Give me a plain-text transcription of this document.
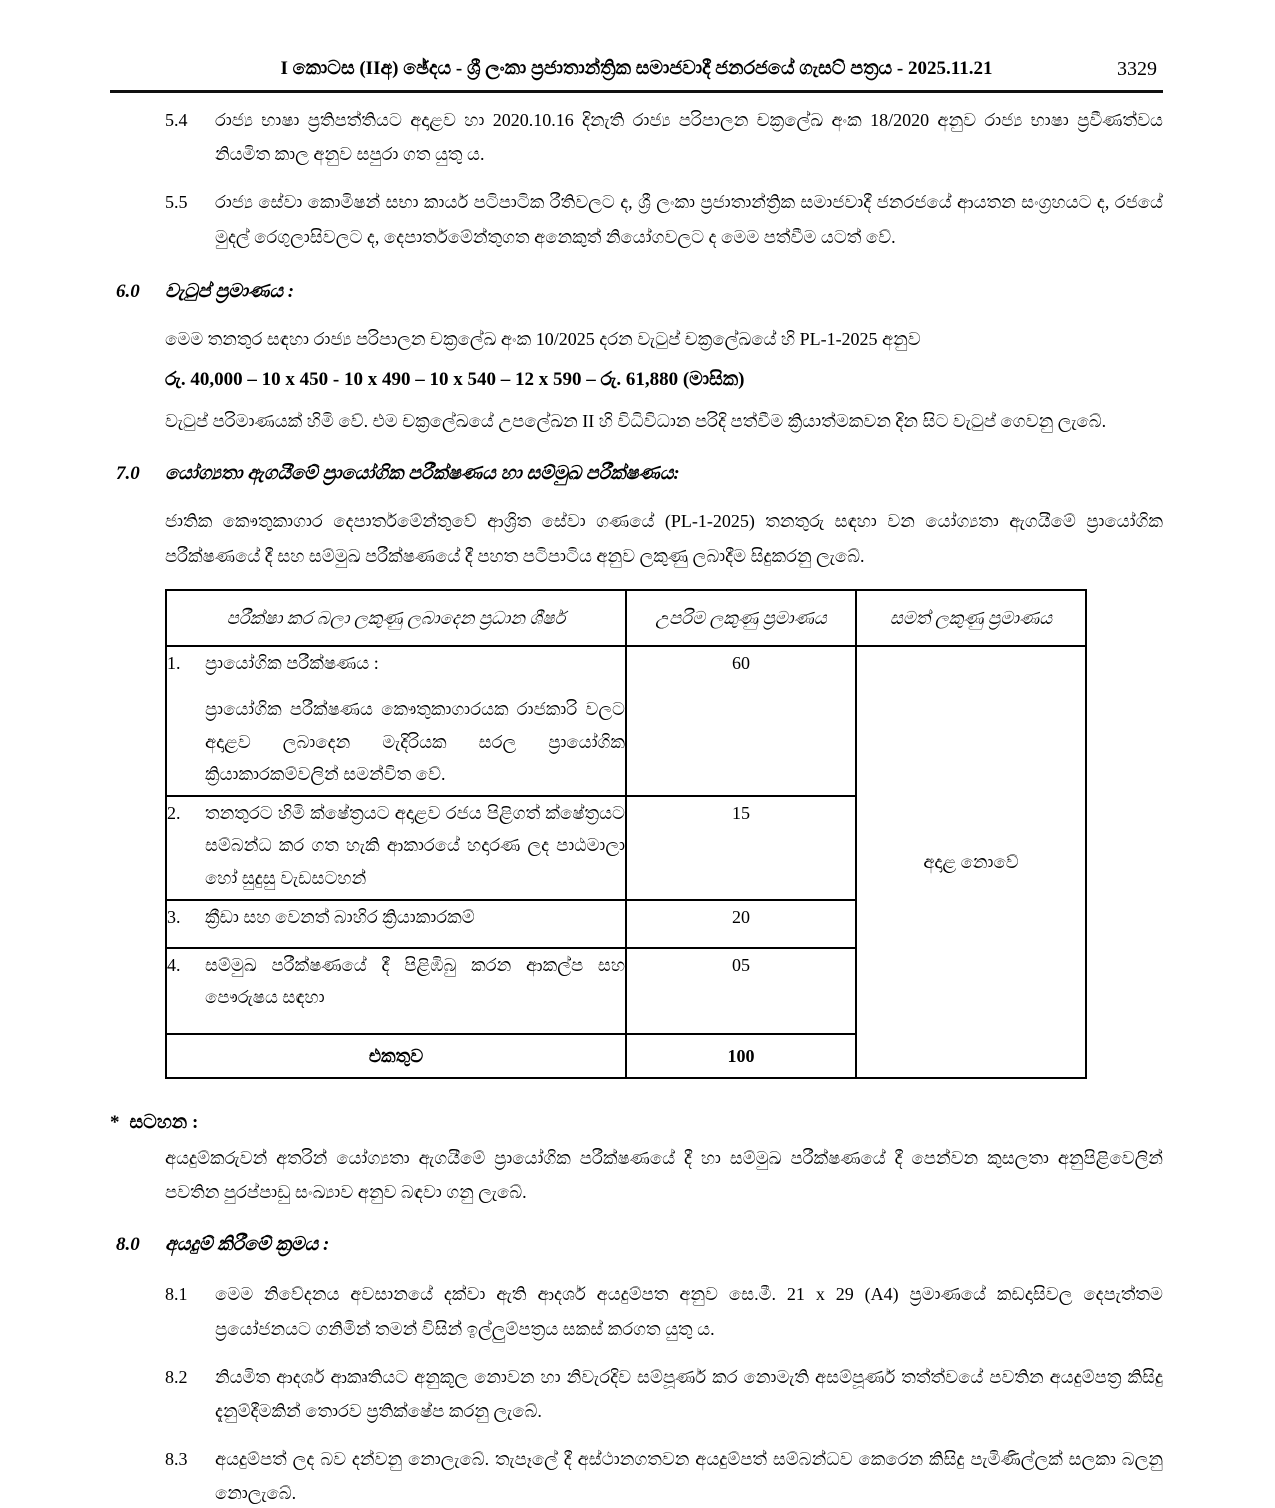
I කොටස (IIඅ) ඡේදය - ශ්‍රී ලංකා ප්‍රජාතාන්ත්‍රික සමාජවාදී ජනරජයේ ගැසට් පත්‍රය - 2025.11.21	3329
5.4	රාජ්‍ය භාෂා ප්‍රතිපත්තියට අදාළව හා 2020.10.16 දිනැති රාජ්‍ය පරිපාලන චක්‍රලේඛ අංක 18/2020 අනුව රාජ්‍ය භාෂා ප්‍රවීණත්වය නියමිත කාල අනුව සපුරා ගත යුතු ය.

5.5	රාජ්‍ය සේවා කොමිෂන් සභා කාර්ය පටිපාටික රීතිවලට ද, ශ්‍රී ලංකා ප්‍රජාතාන්ත්‍රික සමාජවාදී ජනරජයේ ආයතන සංග්‍රහයට ද, රජයේ මුදල් රෙගුලාසිවලට ද, දෙපාර්තමේන්තුගත අනෙකුත් නියෝගවලට ද මෙම පත්වීම යටත් වේ.

6.0	වැටුප් ප්‍රමාණය :

මෙම තනතුර සඳහා රාජ්‍ය පරිපාලන චක්‍රලේඛ අංක 10/2025 දරන වැටුප් චක්‍රලේඛයේ හි PL-1-2025 අනුව

රු. 40,000 – 10 x 450 - 10 x 490 – 10 x 540 – 12 x 590 – රු. 61,880 (මාසික)

වැටුප් පරිමාණයක් හිමි වේ. එම චක්‍රලේඛයේ උපලේඛන II හි විධිවිධාන පරිදි පත්වීම ක්‍රියාත්මකවන දින සිට වැටුප් ගෙවනු ලැබේ.

7.0	යෝග්‍යතා ඇගයීමේ ප්‍රායෝගික පරීක්ෂණය හා සම්මුඛ පරීක්ෂණය:

ජාතික කෞතුකාගාර දෙපාර්තමේන්තුවේ ආශ්‍රිත සේවා ගණයේ (PL-1-2025) තනතුරු සඳහා වන යෝග්‍යතා ඇගයීමේ ප්‍රායෝගික පරීක්ෂණයේ දී සහ සම්මුඛ පරීක්ෂණයේ දී පහත පටිපාටිය අනුව ලකුණු ලබාදීම සිදුකරනු ලැබේ.

පරීක්ෂා කර බලා ලකුණු ලබාදෙන ප්‍රධාන ශීර්ෂ	උපරිම ලකුණු ප්‍රමාණය	සමත් ලකුණු ප්‍රමාණය

1. ප්‍රායෝගික පරීක්ෂණය :

ප්‍රායෝගික පරීක්ෂණය කෞතුකාගාරයක රාජකාරි වලට අදාළව ලබාදෙන මැදිරියක සරල ප්‍රායෝගික ක්‍රියාකාරකම්වලින් සමන්විත වේ.	60	අදාළ නොවේ

2. තනතුරට හිමි ක්ෂේත්‍රයට අදාළව රජය පිළිගත් ක්ෂේත්‍රයට සම්බන්ධ කර ගත හැකි ආකාරයේ හදාරණ ලද පාඨමාලා හෝ සුදුසු වැඩසටහන්	15	

3. ක්‍රීඩා සහ වෙනත් බාහිර ක්‍රියාකාරකම්	20	

4. සම්මුඛ පරීක්ෂණයේ දී පිළිඹිබු කරන ආකල්ප සහ පෞරුෂය සඳහා	05	
එකතුව	100	
* සටහන :

අයදුම්කරුවන් අතරින් යෝග්‍යතා ඇගයීමේ ප්‍රායෝගික පරීක්ෂණයේ දී හා සම්මුඛ පරීක්ෂණයේ දී පෙන්වන කුසලතා අනුපිළිවෙලින් පවතින පුරප්පාඩු සංඛ්‍යාව අනුව බඳවා ගනු ලැබේ.

8.0	අයදුම් කිරීමේ ක්‍රමය :
8.1	මෙම නිවේදනය අවසානයේ දක්වා ඇති ආදර්ශ අයදුම්පත අනුව සෙ.මී. 21 x 29 (A4) ප්‍රමාණයේ කඩදාසිවල දෙපැත්තම ප්‍රයෝජනයට ගනිමින් තමන් විසින් ඉල්ලුම්පත්‍රය සකස් කරගත යුතු ය.

8.2	නියමිත ආදර්ශ ආකෘතියට අනුකූල නොවන හා නිවැරදිව සම්පූර්ණ කර නොමැති අසම්පූර්ණ තත්ත්වයේ පවතින අයදුම්පත්‍ර කිසිදු දැනුම්දීමකින් තොරව ප්‍රතික්ෂේප කරනු ලැබේ.

8.3	අයදුම්පත් ලද බව දන්වනු නොලැබේ. තැපෑලේ දී අස්ථානගතවන අයදුම්පත් සම්බන්ධව කෙරෙන කිසිදු පැමිණිල්ලක් සලකා බලනු නොලැබේ.
